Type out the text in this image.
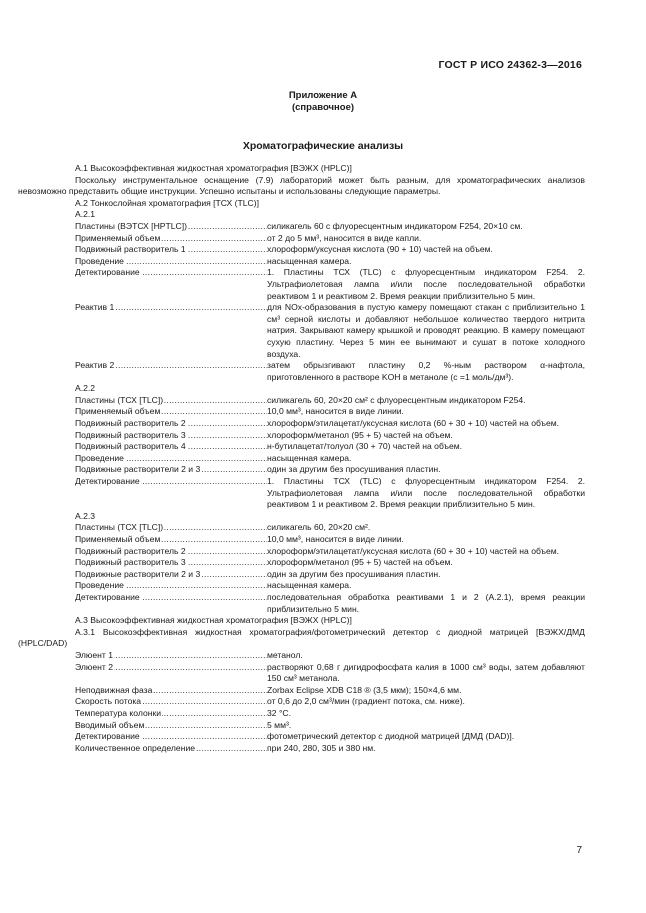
ГОСТ Р ИСО 24362-3—2016
Приложение А
(справочное)
Хроматографические анализы

А.1 Высокоэффективная жидкостная хроматография [ВЭЖХ (HPLC)]

Поскольку инструментальное оснащение (7.9) лабораторий может быть разным, для хроматографических анализов невозможно представить общие инструкции. Успешно испытаны и использованы следующие параметры.

А.2 Тонкослойная хроматография [ТСХ (TLC)]

А.2.1

Пластины (ВЭТСХ [HPTLC]) .....	силикагель 60 с флуоресцентным индикатором F254, 20×10 см.
Применяемый объем .....	от 2 до 5 мм³, наносится в виде капли.
Подвижный растворитель 1 .....	хлороформ/уксусная кислота (90 + 10) частей на объем.
Проведение .....	насыщенная камера.
Детектирование .....	1. Пластины ТСХ (TLC) с флуоресцентным индикатором F254. 2. Ультрафиолетовая лампа и/или после последовательной обработки реактивом 1 и реактивом 2. Время реакции приблизительно 5 мин.
Реактив 1 .....	для NOx-образования в пустую камеру помещают стакан с приблизительно 1 см³ серной кислоты и добавляют небольшое количество твердого нитрита натрия. Закрывают камеру крышкой и проводят реакцию. В камеру помещают сухую пластину. Через 5 мин ее вынимают и сушат в потоке холодного воздуха.
Реактив 2 .....	затем обрызгивают пластину 0,2 %-ным раствором α-нафтола, приготовленного в растворе KOH в метаноле (с =1 моль/дм³).

А.2.2

Пластины (ТСХ [TLC]) .....	силикагель 60, 20×20 см² с флуоресцентным индикатором F254.
Применяемый объем .....	10,0 мм³, наносится в виде линии.
Подвижный растворитель 2 .....	хлороформ/этилацетат/уксусная кислота (60 + 30 + 10) частей на объем.
Подвижный растворитель 3 .....	хлороформ/метанол (95 + 5) частей на объем.
Подвижный растворитель 4 .....	н-бутилацетат/толуол (30 + 70) частей на объем.
Проведение .....	насыщенная камера.
Подвижные растворители 2 и 3 .....	один за другим без просушивания пластин.
Детектирование .....	1. Пластины ТСХ (TLC) с флуоресцентным индикатором F254. 2. Ультрафиолетовая лампа и/или после последовательной обработки реактивом 1 и реактивом 2. Время реакции приблизительно 5 мин.

А.2.3

Пластины (ТСХ [TLC]) .....	силикагель 60, 20×20 см².
Применяемый объем .....	10,0 мм³, наносится в виде линии.
Подвижный растворитель 2 .....	хлороформ/этилацетат/уксусная кислота (60 + 30 + 10) частей на объем.
Подвижный растворитель 3 .....	хлороформ/метанол (95 + 5) частей на объем.
Подвижные растворители 2 и 3 .....	один за другим без просушивания пластин.
Проведение .....	насыщенная камера.
Детектирование .....	последовательная обработка реактивами 1 и 2 (А.2.1), время реакции приблизительно 5 мин.

А.3 Высокоэффективная жидкостная хроматография [ВЭЖХ (HPLC)]

А.3.1 Высокоэффективная жидкостная хроматография/фотометрический детектор с диодной матрицей [ВЭЖХ/ДМД (HPLC/DAD)

Элюент 1 .....	метанол.
Элюент 2 .....	растворяют 0,68 г дигидрофосфата калия в 1000 см³ воды, затем добавляют 150 см³ метанола.
Неподвижная фаза .....	Zorbax Eclipse XDB C18 ® (3,5 мкм); 150×4,6 мм.
Скорость потока .....	от 0,6 до 2,0 см³/мин (градиент потока, см. ниже).
Температура колонки .....	32 °С.
Вводимый объем .....	5 мм³.
Детектирование .....	фотометрический детектор с диодной матрицей [ДМД (DAD)].
Количественное определение .....	при 240, 280, 305 и 380 нм.
7
